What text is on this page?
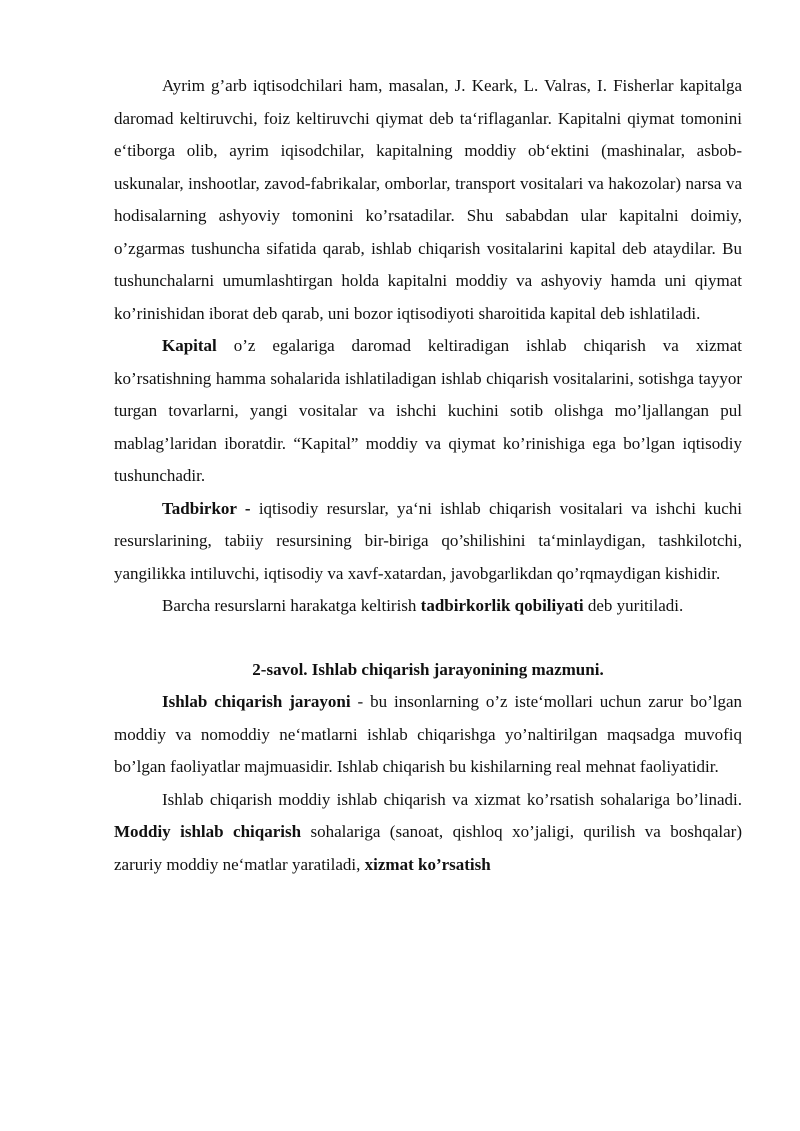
Ayrim g’arb iqtisodchilari ham, masalan, J. Keark, L. Valras, I. Fisherlar kapitalga daromad keltiruvchi, foiz keltiruvchi qiymat deb ta‘riflaganlar. Kapitalni qiymat tomonini e‘tiborga olib, ayrim iqisodchilar, kapitalning moddiy ob‘ektini (mashinalar, asbob-uskunalar, inshootlar, zavod-fabrikalar, omborlar, transport vositalari va hakozolar) narsa va hodisalarning ashyoviy tomonini ko’rsatadilar. Shu sababdan ular kapitalni doimiy, o’zgarmas tushuncha sifatida qarab, ishlab chiqarish vositalarini kapital deb ataydilar. Bu tushunchalarni umumlashtirgan holda kapitalni moddiy va ashyoviy hamda uni qiymat ko’rinishidan iborat deb qarab, uni bozor iqtisodiyoti sharoitida kapital deb ishlatiladi.

Kapital o’z egalariga daromad keltiradigan ishlab chiqarish va xizmat ko’rsatishning hamma sohalarida ishlatiladigan ishlab chiqarish vositalarini, sotishga tayyor turgan tovarlarni, yangi vositalar va ishchi kuchini sotib olishga mo’ljallangan pul mablag’laridan iboratdir. “Kapital” moddiy va qiymat ko’rinishiga ega bo’lgan iqtisodiy tushunchadir.

Tadbirkor - iqtisodiy resurslar, ya‘ni ishlab chiqarish vositalari va ishchi kuchi resurslarining, tabiiy resursining bir-biriga qo’shilishini ta‘minlaydigan, tashkilotchi, yangilikka intiluvchi, iqtisodiy va xavf-xatardan, javobgarlikdan qo’rqmaydigan kishidir.

Barcha resurslarni harakatga keltirish tadbirkorlik qobiliyati deb yuritiladi.

2-savol. Ishlab chiqarish jarayonining mazmuni.

Ishlab chiqarish jarayoni - bu insonlarning o’z iste‘mollari uchun zarur bo’lgan moddiy va nomoddiy ne‘matlarni ishlab chiqarishga yo’naltirilgan maqsadga muvofiq bo’lgan faoliyatlar majmuasidir. Ishlab chiqarish bu kishilarning real mehnat faoliyatidir.

Ishlab chiqarish moddiy ishlab chiqarish va xizmat ko’rsatish sohalariga bo’linadi. Moddiy ishlab chiqarish sohalariga (sanoat, qishloq xo’jaligi, qurilish va boshqalar) zaruriy moddiy ne‘matlar yaratiladi, xizmat ko’rsatish
